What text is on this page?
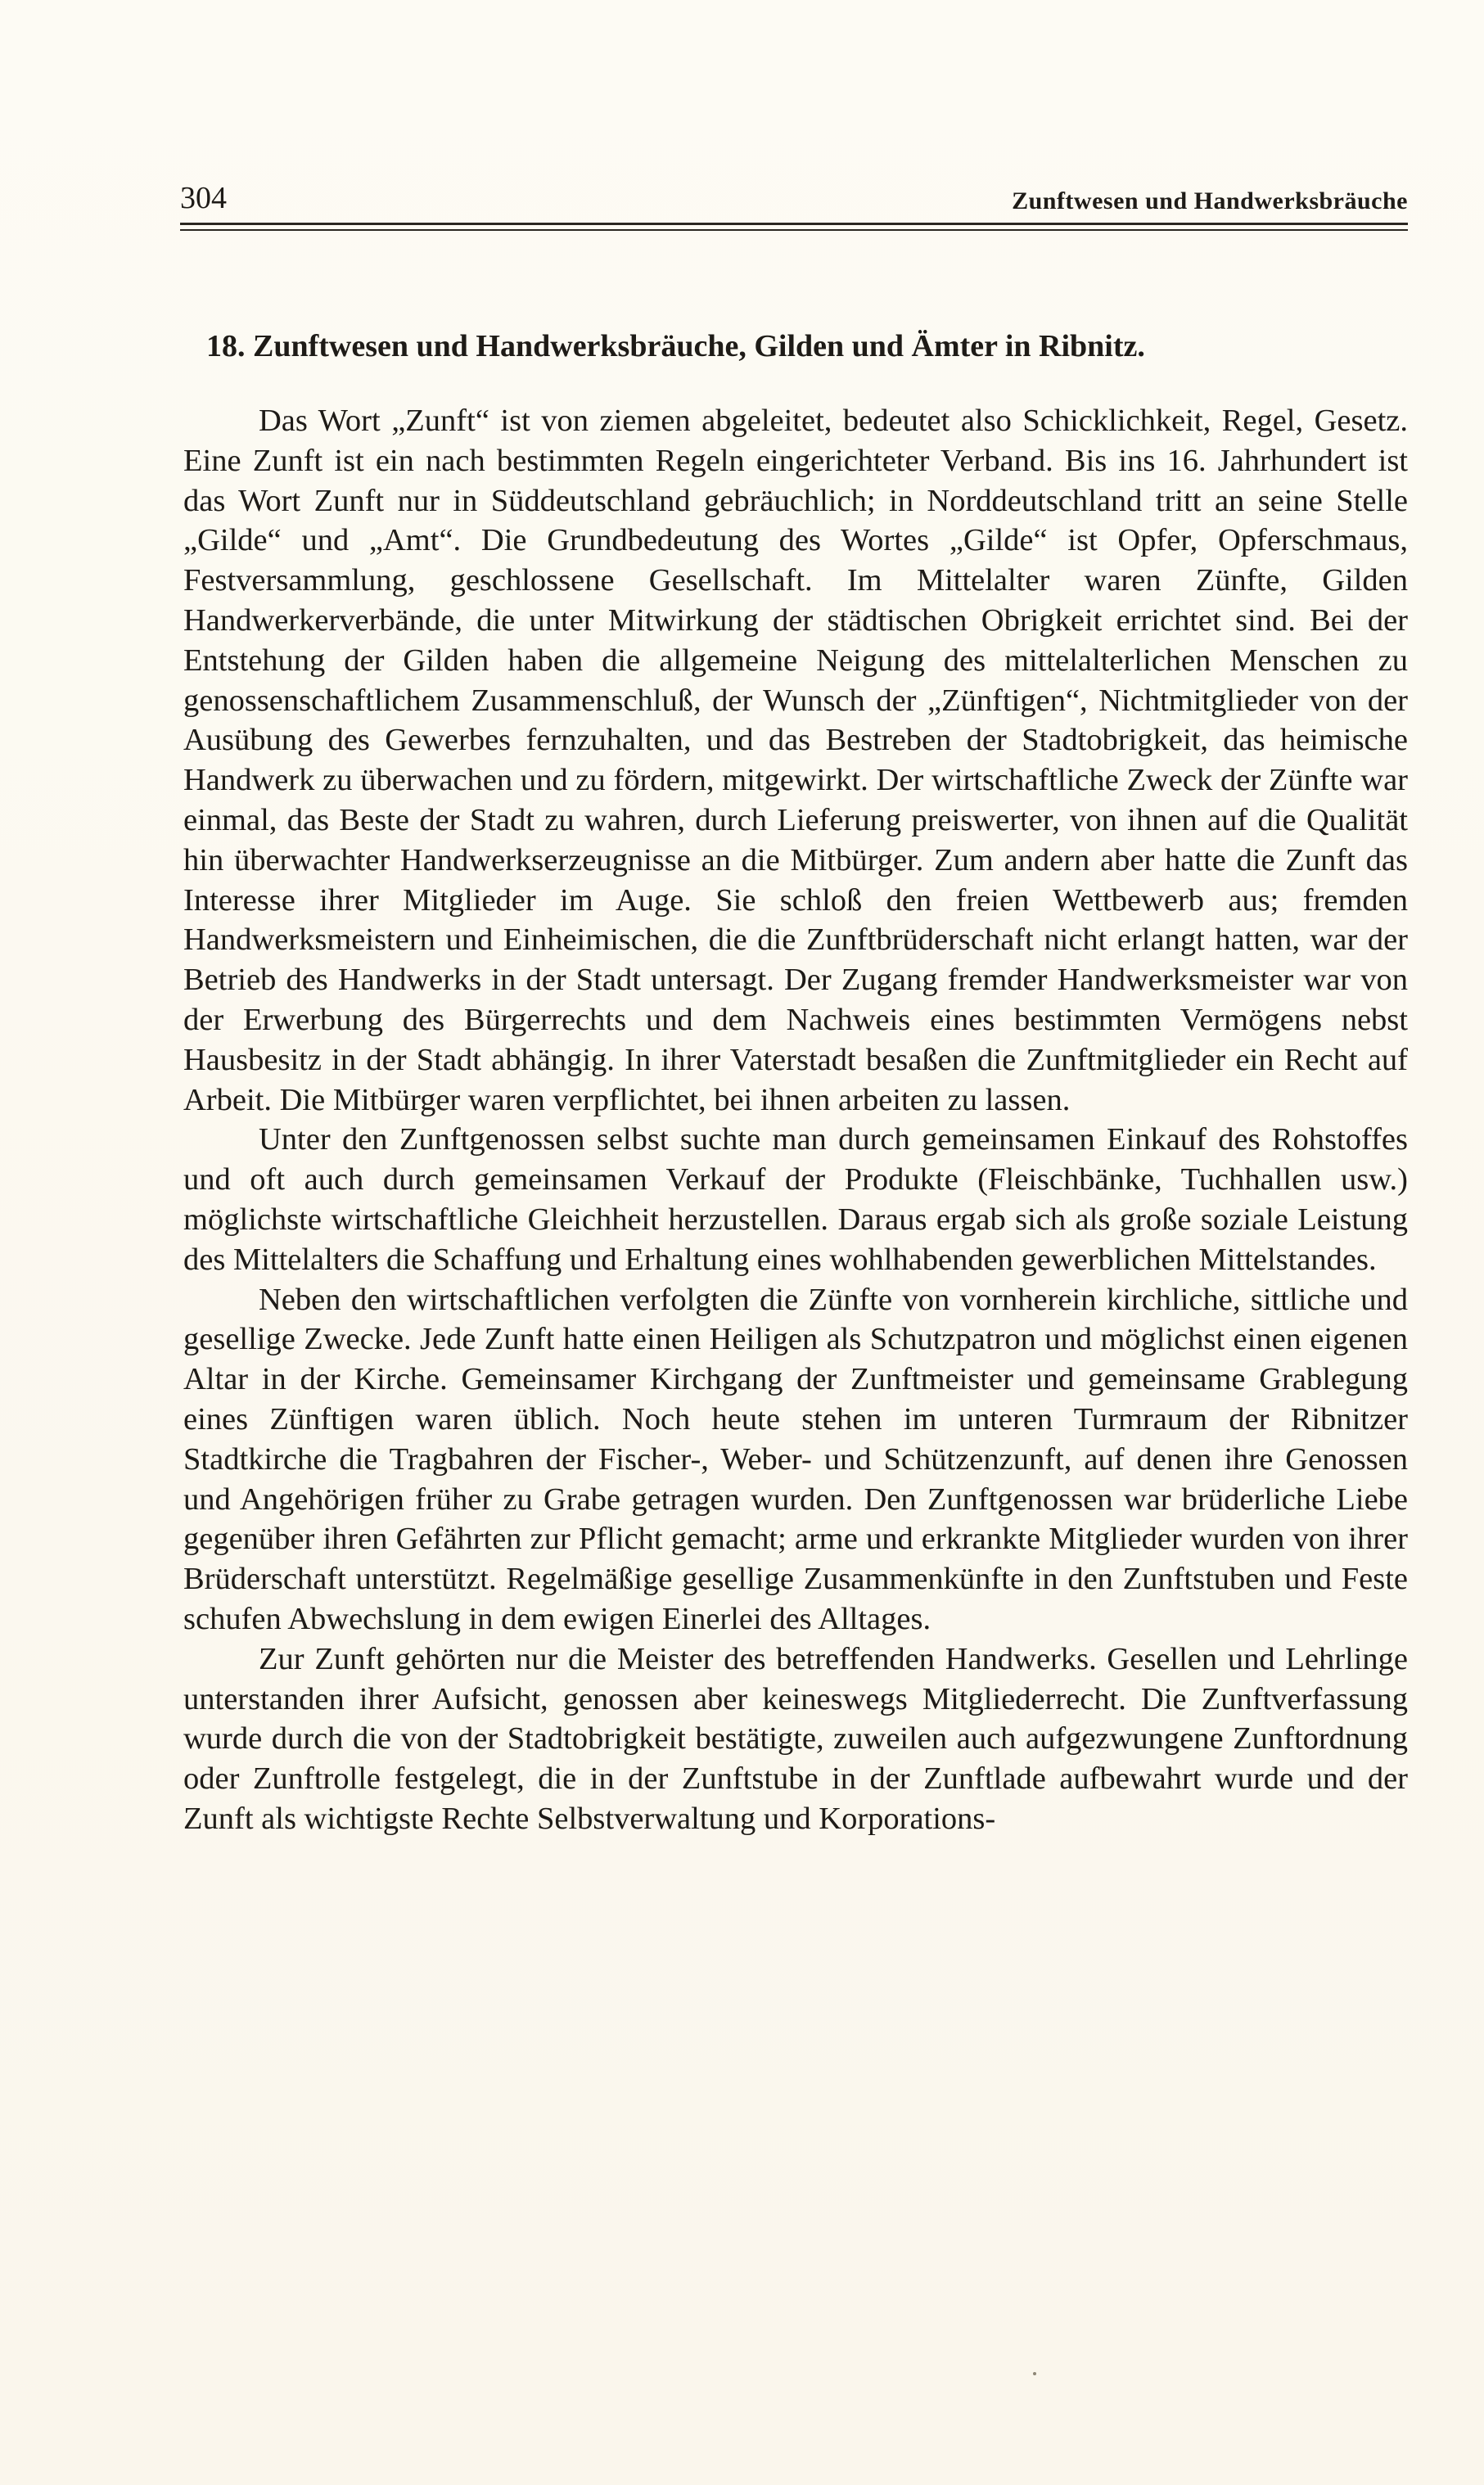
304	Zunftwesen und Handwerksbräuche
18. Zunftwesen und Handwerksbräuche, Gilden und Ämter in Ribnitz.

Das Wort „Zunft“ ist von ziemen abgeleitet, bedeutet also Schicklichkeit, Regel, Gesetz. Eine Zunft ist ein nach bestimmten Regeln eingerichteter Verband. Bis ins 16. Jahrhundert ist das Wort Zunft nur in Süddeutschland gebräuchlich; in Norddeutschland tritt an seine Stelle „Gilde“ und „Amt“. Die Grundbedeutung des Wortes „Gilde“ ist Opfer, Opferschmaus, Festversammlung, geschlossene Gesellschaft. Im Mittelalter waren Zünfte, Gilden Handwerkerverbände, die unter Mitwirkung der städtischen Obrigkeit errichtet sind. Bei der Entstehung der Gilden haben die allgemeine Neigung des mittelalterlichen Menschen zu genossenschaftlichem Zusammenschluß, der Wunsch der „Zünftigen“, Nichtmitglieder von der Ausübung des Gewerbes fernzuhalten, und das Bestreben der Stadtobrigkeit, das heimische Handwerk zu überwachen und zu fördern, mitgewirkt. Der wirtschaftliche Zweck der Zünfte war einmal, das Beste der Stadt zu wahren, durch Lieferung preiswerter, von ihnen auf die Qualität hin überwachter Handwerkserzeugnisse an die Mitbürger. Zum andern aber hatte die Zunft das Interesse ihrer Mitglieder im Auge. Sie schloß den freien Wettbewerb aus; fremden Handwerksmeistern und Einheimischen, die die Zunftbrüderschaft nicht erlangt hatten, war der Betrieb des Handwerks in der Stadt untersagt. Der Zugang fremder Handwerksmeister war von der Erwerbung des Bürgerrechts und dem Nachweis eines bestimmten Vermögens nebst Hausbesitz in der Stadt abhängig. In ihrer Vaterstadt besaßen die Zunftmitglieder ein Recht auf Arbeit. Die Mitbürger waren verpflichtet, bei ihnen arbeiten zu lassen.

Unter den Zunftgenossen selbst suchte man durch gemeinsamen Einkauf des Rohstoffes und oft auch durch gemeinsamen Verkauf der Produkte (Fleischbänke, Tuchhallen usw.) möglichste wirtschaftliche Gleichheit herzustellen. Daraus ergab sich als große soziale Leistung des Mittelalters die Schaffung und Erhaltung eines wohlhabenden gewerblichen Mittelstandes.

Neben den wirtschaftlichen verfolgten die Zünfte von vornherein kirchliche, sittliche und gesellige Zwecke. Jede Zunft hatte einen Heiligen als Schutzpatron und möglichst einen eigenen Altar in der Kirche. Gemeinsamer Kirchgang der Zunftmeister und gemeinsame Grablegung eines Zünftigen waren üblich. Noch heute stehen im unteren Turmraum der Ribnitzer Stadtkirche die Tragbahren der Fischer-, Weber- und Schützenzunft, auf denen ihre Genossen und Angehörigen früher zu Grabe getragen wurden. Den Zunftgenossen war brüderliche Liebe gegenüber ihren Gefährten zur Pflicht gemacht; arme und erkrankte Mitglieder wurden von ihrer Brüderschaft unterstützt. Regelmäßige gesellige Zusammenkünfte in den Zunftstuben und Feste schufen Abwechslung in dem ewigen Einerlei des Alltages.

Zur Zunft gehörten nur die Meister des betreffenden Handwerks. Gesellen und Lehrlinge unterstanden ihrer Aufsicht, genossen aber keineswegs Mitgliederrecht. Die Zunftverfassung wurde durch die von der Stadtobrigkeit bestätigte, zuweilen auch aufgezwungene Zunftordnung oder Zunftrolle festgelegt, die in der Zunftstube in der Zunftlade aufbewahrt wurde und der Zunft als wichtigste Rechte Selbstverwaltung und Korporations-
